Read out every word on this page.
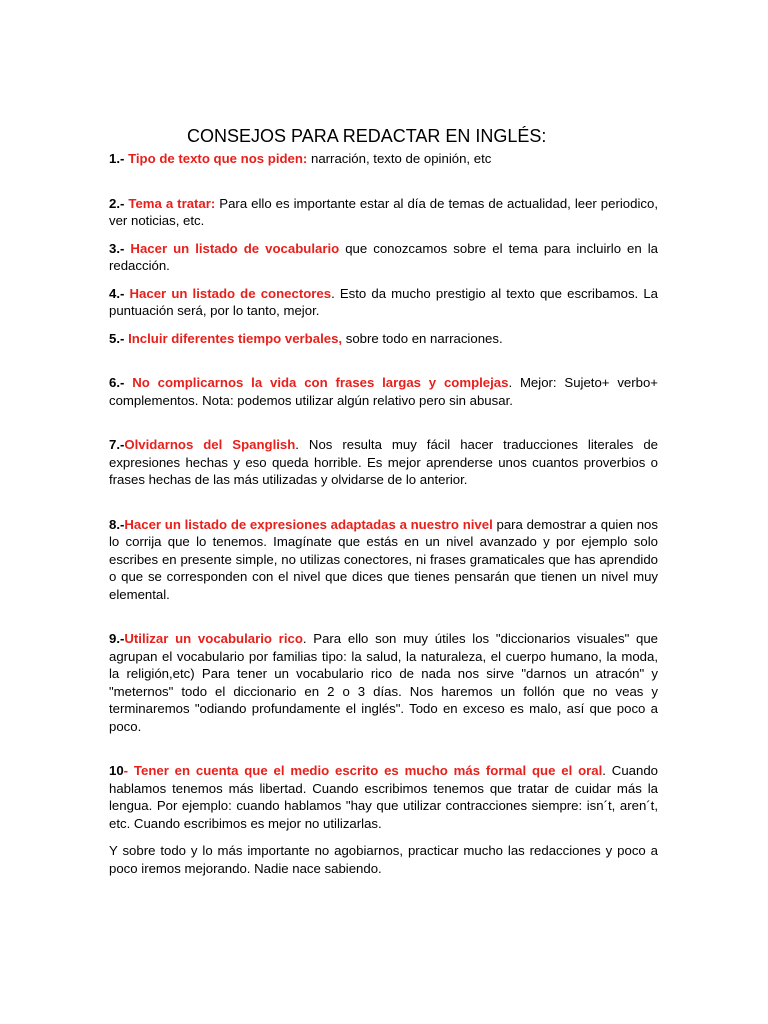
CONSEJOS PARA REDACTAR EN INGLÉS:

1.- Tipo de texto que nos piden: narración, texto de opinión, etc

2.- Tema a tratar: Para ello es importante estar al día de temas de actualidad, leer periodico, ver noticias, etc.

3.- Hacer un listado de vocabulario que conozcamos sobre el tema para incluirlo en la redacción.

4.- Hacer un listado de conectores. Esto da mucho prestigio al texto que escribamos. La puntuación será, por lo tanto, mejor.

5.- Incluir diferentes tiempo verbales, sobre todo en narraciones.

6.- No complicarnos la vida con frases largas y complejas. Mejor: Sujeto+ verbo+ complementos. Nota: podemos utilizar algún relativo pero sin abusar.

7.-Olvidarnos del Spanglish. Nos resulta muy fácil hacer traducciones literales de expresiones hechas y eso queda horrible. Es mejor aprenderse unos cuantos proverbios o frases hechas de las más utilizadas y olvidarse de lo anterior.

8.-Hacer un listado de expresiones adaptadas a nuestro nivel para demostrar a quien nos lo corrija que lo tenemos. Imagínate que estás en un nivel avanzado y por ejemplo solo escribes en presente simple, no utilizas conectores, ni frases gramaticales que has aprendido o que se corresponden con el nivel que dices que tienes pensarán que tienen un nivel muy elemental.

9.-Utilizar un vocabulario rico. Para ello son muy útiles los "diccionarios visuales" que agrupan el vocabulario por familias tipo: la salud, la naturaleza, el cuerpo humano, la moda, la religión,etc) Para tener un vocabulario rico de nada nos sirve "darnos un atracón" y "meternos" todo el diccionario en 2 o 3 días. Nos haremos un follón que no veas y terminaremos "odiando profundamente el inglés". Todo en exceso es malo, así que poco a poco.

10- Tener en cuenta que el medio escrito es mucho más formal que el oral. Cuando hablamos tenemos más libertad. Cuando escribimos tenemos que tratar de cuidar más la lengua. Por ejemplo: cuando hablamos "hay que utilizar contracciones siempre: isn´t, aren´t, etc. Cuando escribimos es mejor no utilizarlas.

Y sobre todo y lo más importante no agobiarnos, practicar mucho las redacciones y poco a poco iremos mejorando. Nadie nace sabiendo.
